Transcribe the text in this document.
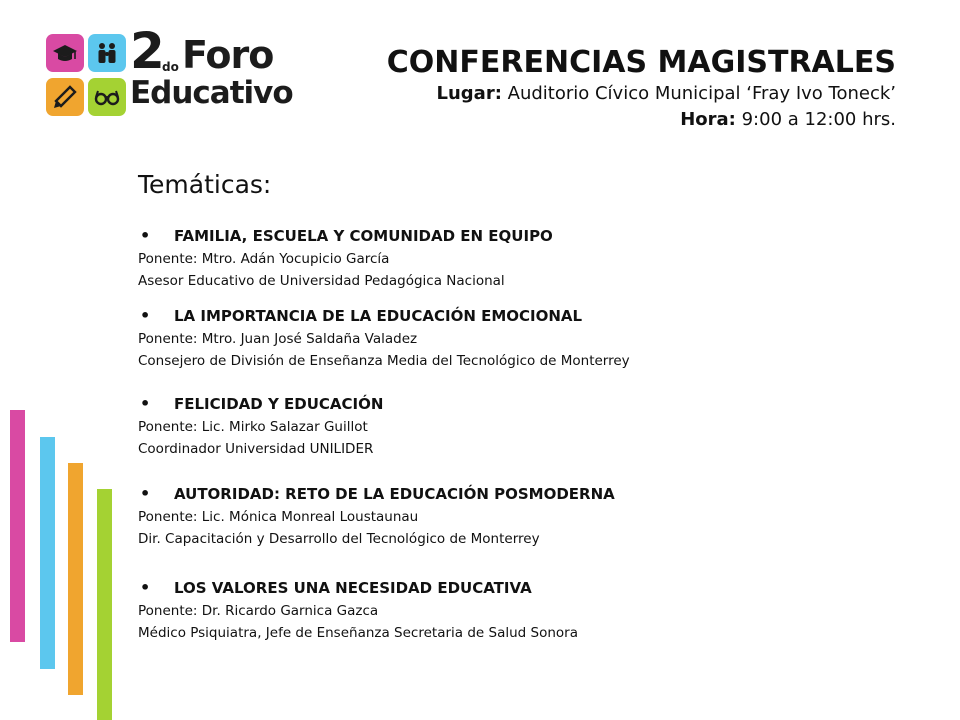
2
do Foro
Educativo
CONFERENCIAS MAGISTRALES
Lugar: Auditorio Cívico Municipal ‘Fray Ivo Toneck’
Hora: 9:00 a 12:00 hrs.
Temáticas:
• FAMILIA, ESCUELA Y COMUNIDAD EN EQUIPO
Ponente: Mtro. Adán Yocupicio García
Asesor Educativo de Universidad Pedagógica Nacional
• LA IMPORTANCIA DE LA EDUCACIÓN EMOCIONAL
Ponente: Mtro. Juan José Saldaña Valadez
Consejero de División de Enseñanza Media del Tecnológico de Monterrey
• FELICIDAD Y EDUCACIÓN
Ponente: Lic. Mirko Salazar Guillot
Coordinador Universidad UNILIDER
• AUTORIDAD: RETO DE LA EDUCACIÓN POSMODERNA
Ponente: Lic. Mónica Monreal Loustaunau
Dir. Capacitación y Desarrollo del Tecnológico de Monterrey
• LOS VALORES UNA NECESIDAD EDUCATIVA
Ponente: Dr. Ricardo Garnica Gazca
Médico Psiquiatra, Jefe de Enseñanza Secretaria de Salud Sonora
